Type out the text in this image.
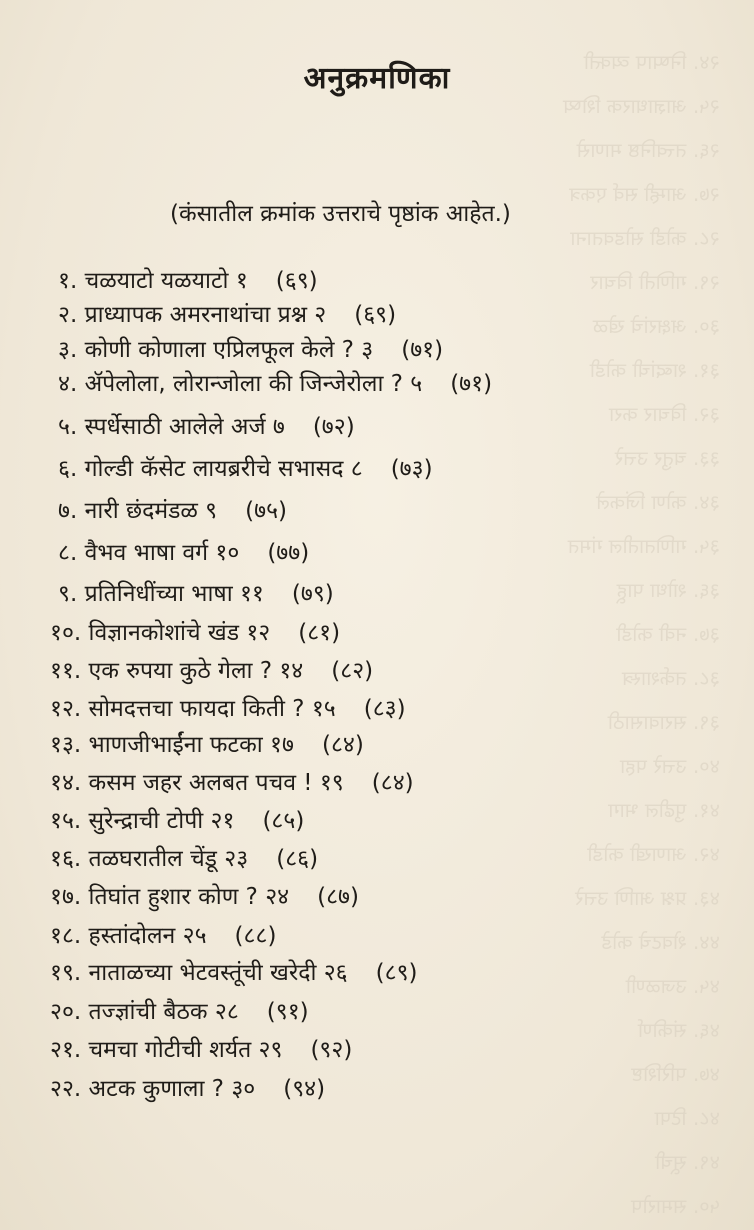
२४. निष्पाप व्यक्ती
२५. आज्ञाधारक शिष्य
२६. तत्त्वनिष्ठ माणसे
२७. आम्ही सर्व एकत्र
२८. कोडी सोडवताना
२९. गणिती विचार
३०. अक्षरांचे खेळ
३१. शब्दांची कोडी
३२. विचार करा
३३. चतुर उत्तरे
३४. कोण जिंकले
३५. गणितातील गंमत
३६. शोधा पाहू
३७. नवी कोडी
३८. तर्कशास्त्र
३९. सरावासाठी
४०. उत्तरे पहा
४१. पुढील भाग
४२. आणखी कोडी
४३. प्रश्न आणि उत्तरे
४४. शेवटचे कोडे
४५. उजळणी
४६. संकीर्ण
४७. परिशिष्ट
४८. टिपा
४९. सूची
५०. समारोप
अनुक्रमणिका
(कंसातील क्रमांक उत्तराचे पृष्ठांक आहेत.)
१. चळयाटो यळयाटो १ (६९)
२. प्राध्यापक अमरनाथांचा प्रश्न २ (६९)
३. कोणी कोणाला एप्रिलफूल केले ? ३ (७१)
४. ॲपेलोला, लोरान्जोला की जिन्जेरोला ? ५ (७१)
५. स्पर्धेसाठी आलेले अर्ज ७ (७२)
६. गोल्डी कॅसेट लायब्ररीचे सभासद ८ (७३)
७. नारी छंदमंडळ ९ (७५)
८. वैभव भाषा वर्ग १० (७७)
९. प्रतिनिधींच्या भाषा ११ (७९)
१०. विज्ञानकोशांचे खंड १२ (८१)
११. एक रुपया कुठे गेला ? १४ (८२)
१२. सोमदत्तचा फायदा किती ? १५ (८३)
१३. भाणजीभाईंना फटका १७ (८४)
१४. कसम जहर अलबत पचव ! १९ (८४)
१५. सुरेन्द्राची टोपी २१ (८५)
१६. तळघरातील चेंडू २३ (८६)
१७. तिघांत हुशार कोण ? २४ (८७)
१८. हस्तांदोलन २५ (८८)
१९. नाताळच्या भेटवस्तूंची खरेदी २६ (८९)
२०. तज्ज्ञांची बैठक २८ (९१)
२१. चमचा गोटीची शर्यत २९ (९२)
२२. अटक कुणाला ? ३० (९४)
